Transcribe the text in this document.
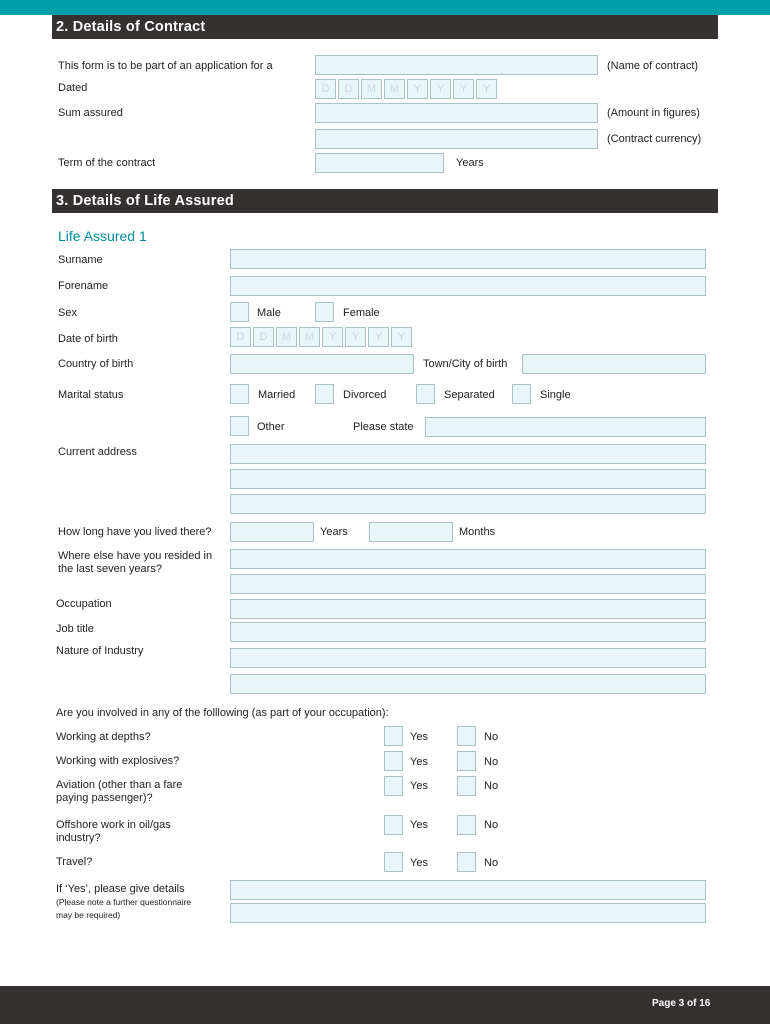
2. Details of Contract
This form is to be part of an application for a	(Name of contract)
Dated	D	D	M	M	Y	Y	Y	Y
Sum assured	(Amount in figures)
(Contract currency)
Term of the contract	Years
3. Details of Life Assured
Life Assured 1
Surname
Forename
Sex	Male	Female
Date of birth	D	D	M	M	Y	Y	Y	Y
Country of birth	Town/City of birth
Marital status	Married	Divorced	Separated	Single
Other	Please state
Current address
How long have you lived there?	Years	Months
Where else have you resided in
the last seven years?
Occupation
Job title
Nature of Industry
Are you involved in any of the folllowing (as part of your occupation):
Working at depths?	Yes	No
Working with explosives?	Yes	No
Aviation (other than a fare
paying passenger)?
Yes	No
Offshore work in oil/gas
industry?
Yes	No
Travel?	Yes	No
If ‘Yes’, please give details
(Please note a further questionnaire
may be required)
Page 3 of 16
